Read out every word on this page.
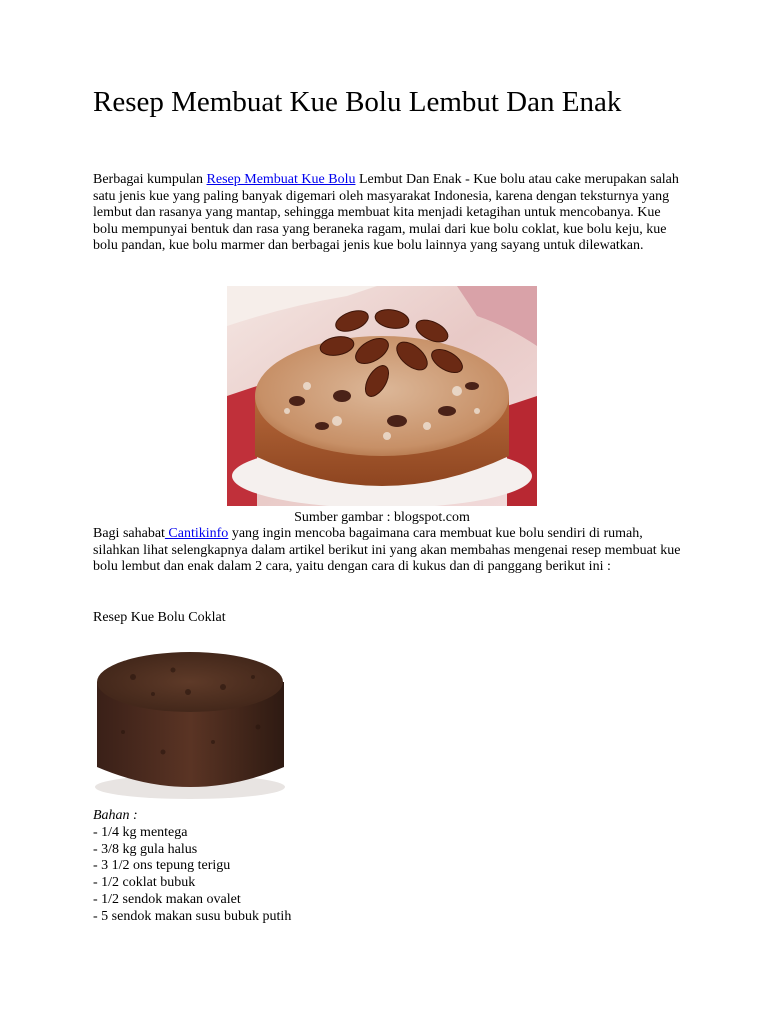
Resep Membuat Kue Bolu Lembut Dan Enak

Berbagai kumpulan Resep Membuat Kue Bolu Lembut Dan Enak - Kue bolu atau cake merupakan salah satu jenis kue yang paling banyak digemari oleh masyarakat Indonesia, karena dengan teksturnya yang lembut dan rasanya yang mantap, sehingga membuat kita menjadi ketagihan untuk mencobanya. Kue bolu mempunyai bentuk dan rasa yang beraneka ragam, mulai dari kue bolu coklat, kue bolu keju, kue bolu pandan, kue bolu marmer dan berbagai jenis kue bolu lainnya yang sayang untuk dilewatkan.

Sumber gambar : blogspot.com

Bagi sahabat Cantikinfo yang ingin mencoba bagaimana cara membuat kue bolu sendiri di rumah, silahkan lihat selengkapnya dalam artikel berikut ini yang akan membahas mengenai resep membuat kue bolu lembut dan enak dalam 2 cara, yaitu dengan cara di kukus dan di panggang berikut ini :

Resep Kue Bolu Coklat
Bahan :
- 1/4 kg mentega
- 3/8 kg gula halus
- 3 1/2 ons tepung terigu
- 1/2 coklat bubuk
- 1/2 sendok makan ovalet
- 5 sendok makan susu bubuk putih
